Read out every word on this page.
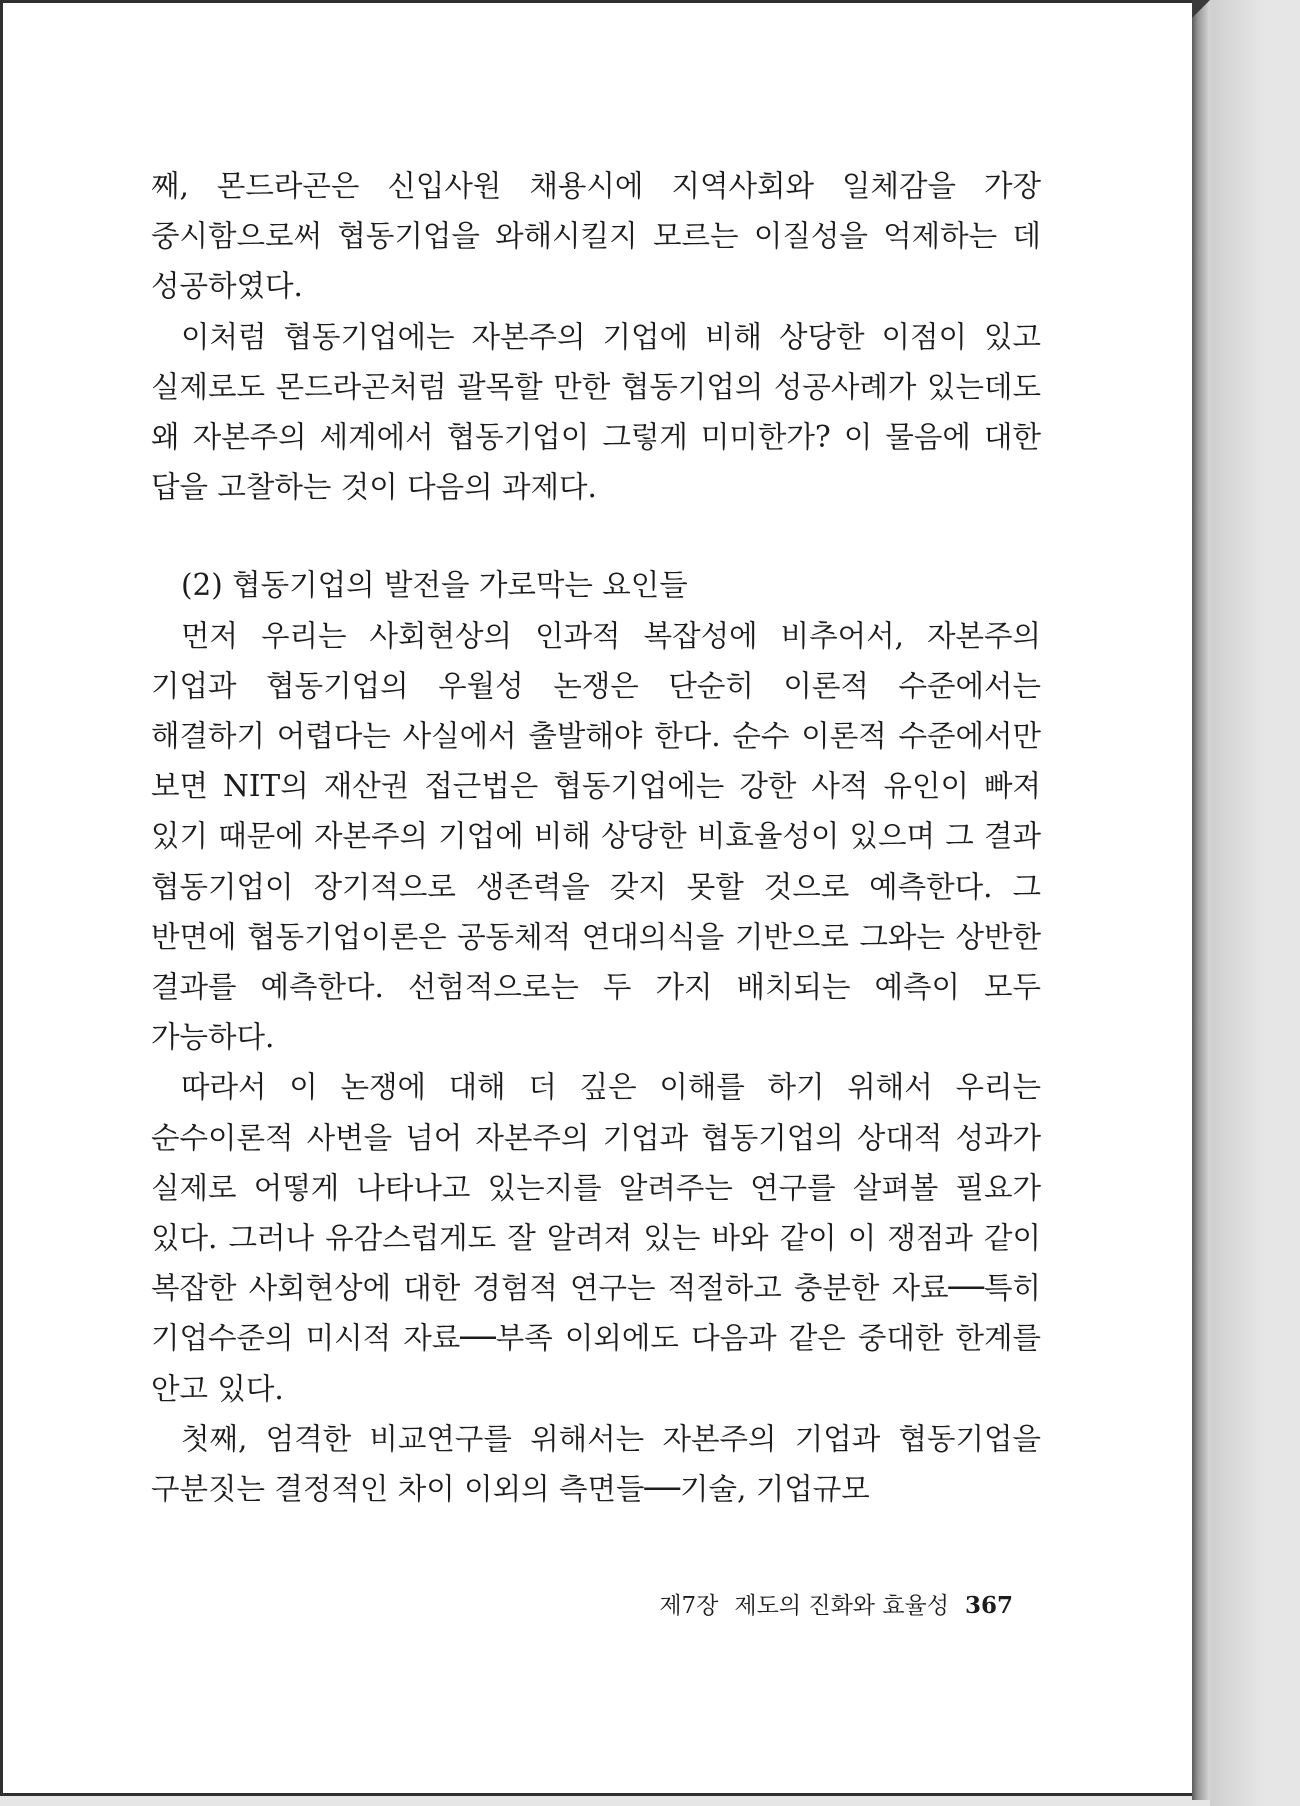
째, 몬드라곤은 신입사원 채용시에 지역사회와 일체감을 가장 중시함으로써 협동기업을 와해시킬지 모르는 이질성을 억제하는 데 성공하였다.

이처럼 협동기업에는 자본주의 기업에 비해 상당한 이점이 있고 실제로도 몬드라곤처럼 괄목할 만한 협동기업의 성공사례가 있는데도 왜 자본주의 세계에서 협동기업이 그렇게 미미한가? 이 물음에 대한 답을 고찰하는 것이 다음의 과제다.

(2) 협동기업의 발전을 가로막는 요인들

먼저 우리는 사회현상의 인과적 복잡성에 비추어서, 자본주의 기업과 협동기업의 우월성 논쟁은 단순히 이론적 수준에서는 해결하기 어렵다는 사실에서 출발해야 한다. 순수 이론적 수준에서만 보면 NIT의 재산권 접근법은 협동기업에는 강한 사적 유인이 빠져 있기 때문에 자본주의 기업에 비해 상당한 비효율성이 있으며 그 결과 협동기업이 장기적으로 생존력을 갖지 못할 것으로 예측한다. 그 반면에 협동기업이론은 공동체적 연대의식을 기반으로 그와는 상반한 결과를 예측한다. 선험적으로는 두 가지 배치되는 예측이 모두 가능하다.

따라서 이 논쟁에 대해 더 깊은 이해를 하기 위해서 우리는 순수이론적 사변을 넘어 자본주의 기업과 협동기업의 상대적 성과가 실제로 어떻게 나타나고 있는지를 알려주는 연구를 살펴볼 필요가 있다. 그러나 유감스럽게도 잘 알려져 있는 바와 같이 이 쟁점과 같이 복잡한 사회현상에 대한 경험적 연구는 적절하고 충분한 자료──특히 기업수준의 미시적 자료──부족 이외에도 다음과 같은 중대한 한계를 안고 있다.

첫째, 엄격한 비교연구를 위해서는 자본주의 기업과 협동기업을 구분짓는 결정적인 차이 이외의 측면들──기술, 기업규모

제7장 제도의 진화와 효율성 367
